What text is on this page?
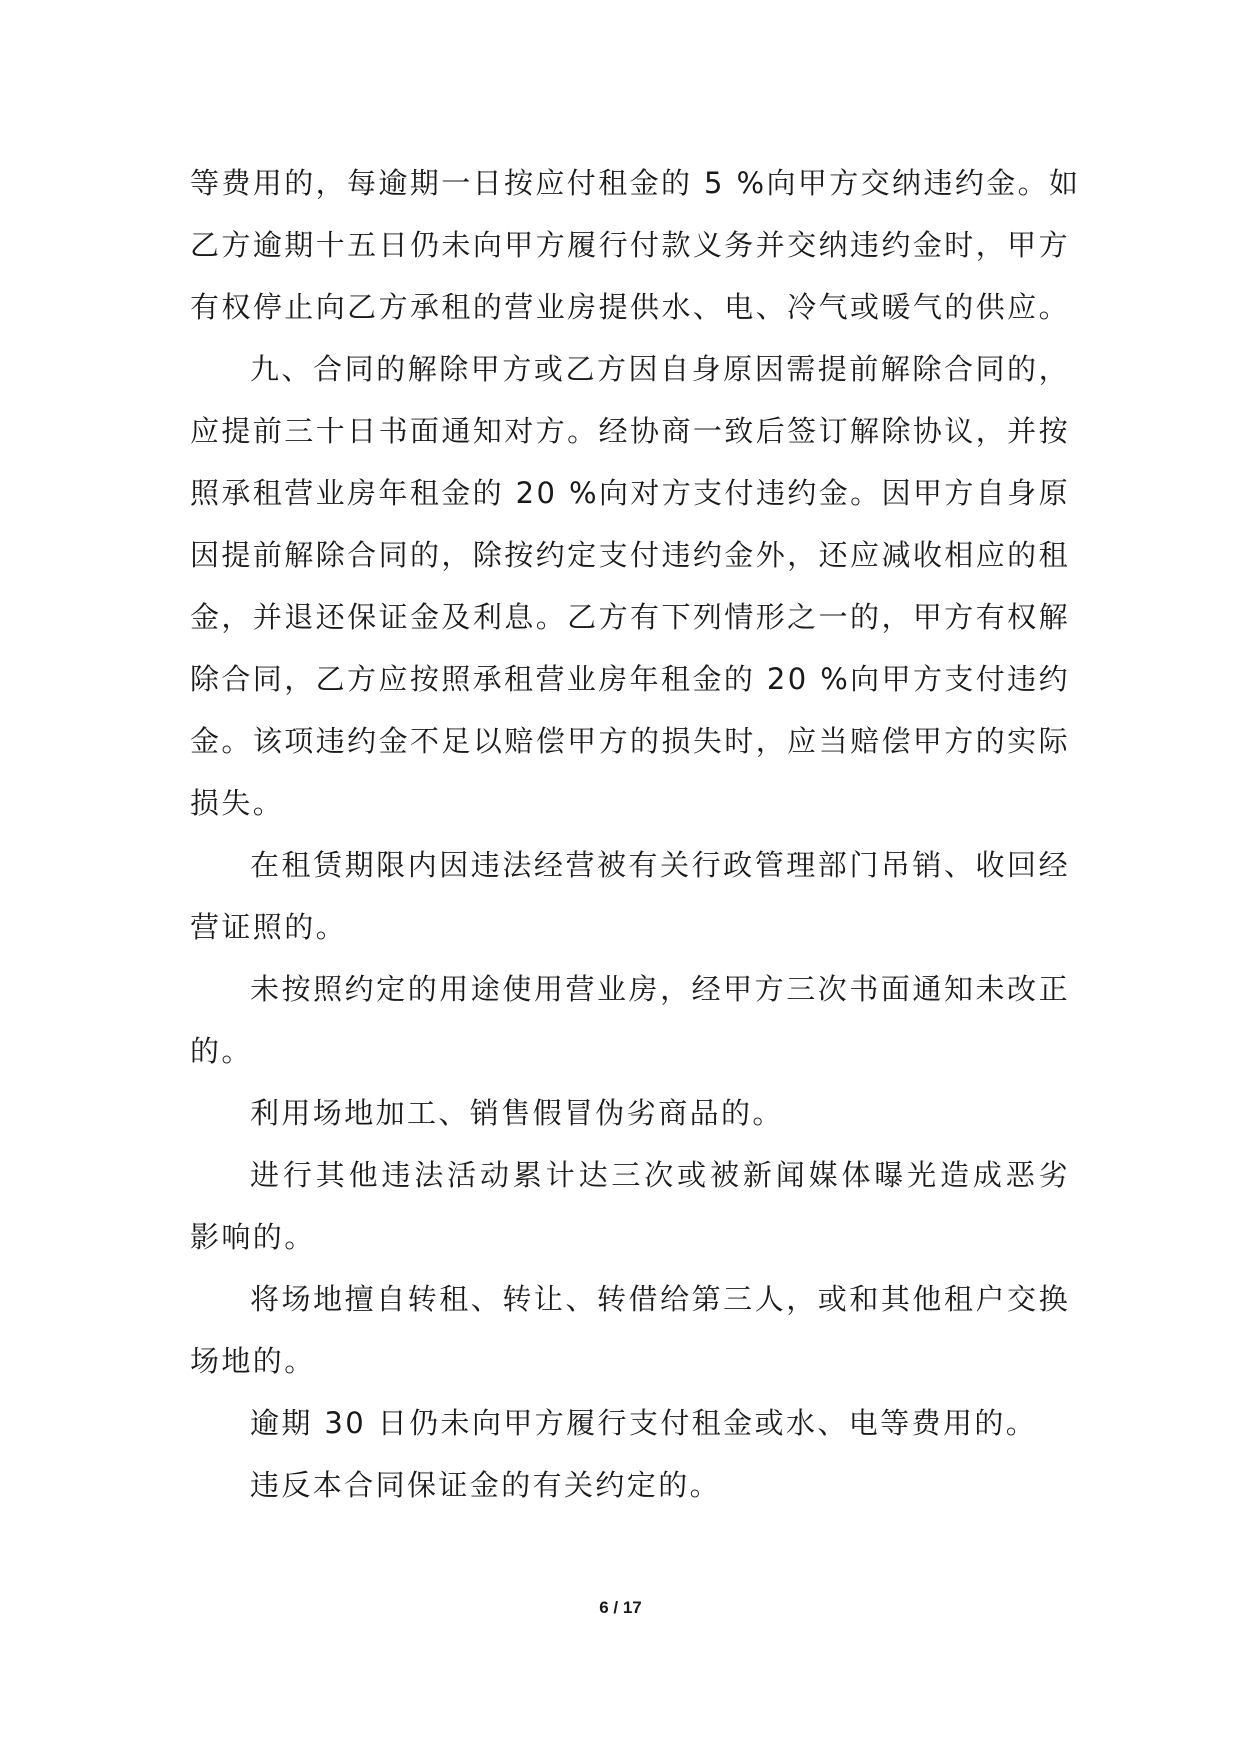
等费用的，每逾期一日按应付租金的 5 %向甲方交纳违约金。如
乙方逾期十五日仍未向甲方履行付款义务并交纳违约金时，甲方
有权停止向乙方承租的营业房提供水、电、冷气或暖气的供应。
九、合同的解除甲方或乙方因自身原因需提前解除合同的，
应提前三十日书面通知对方。经协商一致后签订解除协议，并按
照承租营业房年租金的 20 %向对方支付违约金。因甲方自身原
因提前解除合同的，除按约定支付违约金外，还应减收相应的租
金，并退还保证金及利息。乙方有下列情形之一的，甲方有权解
除合同，乙方应按照承租营业房年租金的 20 %向甲方支付违约
金。该项违约金不足以赔偿甲方的损失时，应当赔偿甲方的实际
损失。
在租赁期限内因违法经营被有关行政管理部门吊销、收回经
营证照的。
未按照约定的用途使用营业房，经甲方三次书面通知未改正
的。
利用场地加工、销售假冒伪劣商品的。
进行其他违法活动累计达三次或被新闻媒体曝光造成恶劣
影响的。
将场地擅自转租、转让、转借给第三人，或和其他租户交换
场地的。
逾期 30 日仍未向甲方履行支付租金或水、电等费用的。
违反本合同保证金的有关约定的。
6 / 17
